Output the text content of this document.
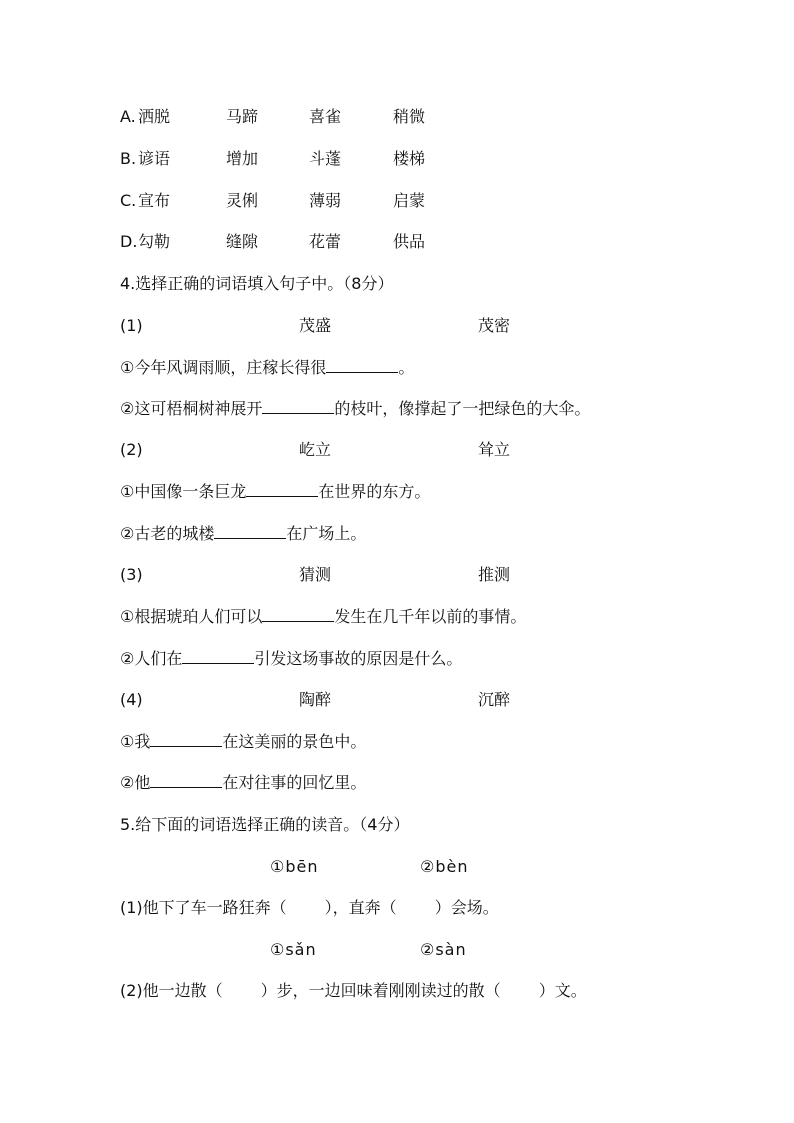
A. 洒脱	马蹄	喜雀	稍微
B. 谚语	增加	斗蓬	楼梯
C. 宣布	灵俐	薄弱	启蒙
D. 勾勒	缝隙	花蕾	供品
4.选择正确的词语填入句子中。（8分）
(1)	茂盛	茂密
①今年风调雨顺，庄稼长得很	。
②这可梧桐树神展开	的枝叶，像撑起了一把绿色的大伞。
(2)	屹立	耸立
①中国像一条巨龙	在世界的东方。
②古老的城楼	在广场上。
(3)	猜测	推测
①根据琥珀人们可以	发生在几千年以前的事情。
②人们在	引发这场事故的原因是什么。
(4)	陶醉	沉醉
①我	在这美丽的景色中。
②他	在对往事的回忆里。
5.给下面的词语选择正确的读音。（4分）
①bēn	②bèn
(1)他下了车一路狂奔（ ），直奔（ ）会场。
①sǎn	②sàn
(2)他一边散（ ）步，一边回味着刚刚读过的散（ ）文。
